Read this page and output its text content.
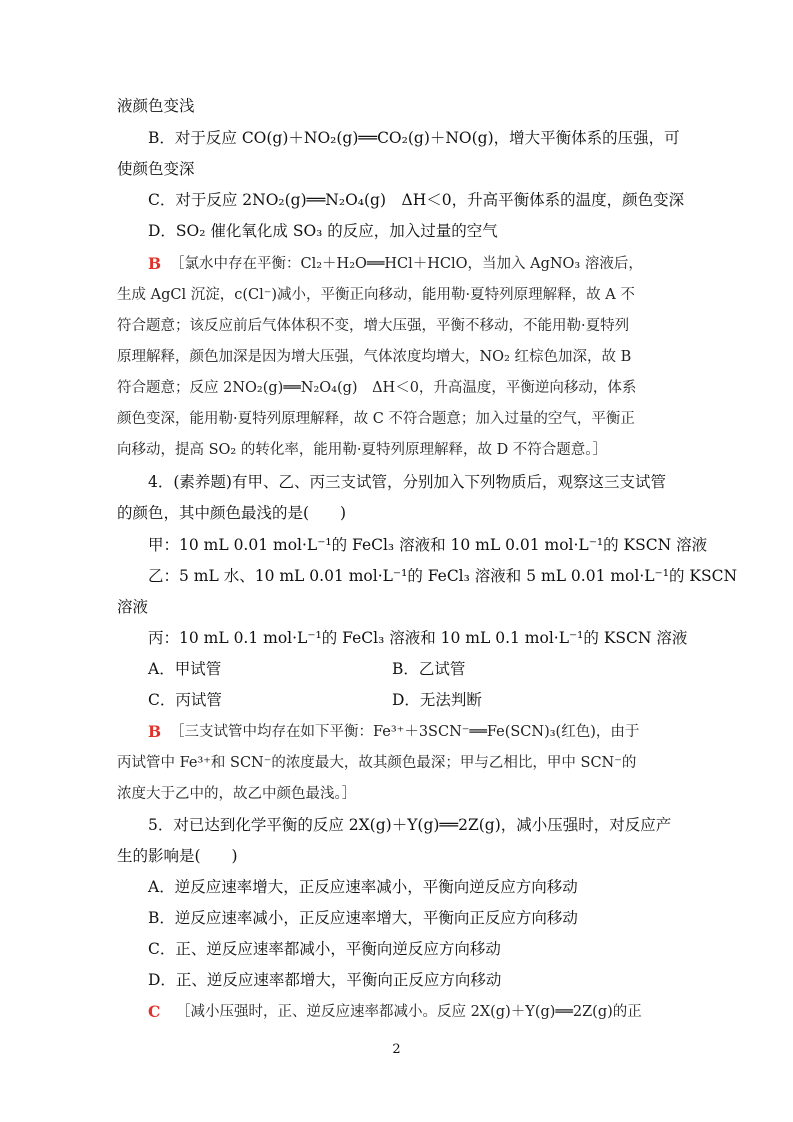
液颜色变浅
B．对于反应 CO(g)＋NO₂(g)══CO₂(g)＋NO(g)，增大平衡体系的压强，可
使颜色变深
C．对于反应 2NO₂(g)══N₂O₄(g)　ΔH＜0，升高平衡体系的温度，颜色变深
D．SO₂ 催化氧化成 SO₃ 的反应，加入过量的空气
B ［氯水中存在平衡：Cl₂＋H₂O══HCl＋HClO，当加入 AgNO₃ 溶液后，
生成 AgCl 沉淀，c(Cl⁻)减小，平衡正向移动，能用勒·夏特列原理解释，故 A 不
符合题意；该反应前后气体体积不变，增大压强，平衡不移动，不能用勒·夏特列
原理解释，颜色加深是因为增大压强，气体浓度均增大，NO₂ 红棕色加深，故 B
符合题意；反应 2NO₂(g)══N₂O₄(g)　ΔH＜0，升高温度，平衡逆向移动，体系
颜色变深，能用勒·夏特列原理解释，故 C 不符合题意；加入过量的空气，平衡正
向移动，提高 SO₂ 的转化率，能用勒·夏特列原理解释，故 D 不符合题意。］
4．(素养题)有甲、乙、丙三支试管，分别加入下列物质后，观察这三支试管
的颜色，其中颜色最浅的是(　　)
甲：10 mL 0.01 mol·L⁻¹的 FeCl₃ 溶液和 10 mL 0.01 mol·L⁻¹的 KSCN 溶液
乙：5 mL 水、10 mL 0.01 mol·L⁻¹的 FeCl₃ 溶液和 5 mL 0.01 mol·L⁻¹的 KSCN
溶液
丙：10 mL 0.1 mol·L⁻¹的 FeCl₃ 溶液和 10 mL 0.1 mol·L⁻¹的 KSCN 溶液
A．甲试管	B．乙试管
C．丙试管	D．无法判断
B ［三支试管中均存在如下平衡：Fe³⁺＋3SCN⁻══Fe(SCN)₃(红色)，由于
丙试管中 Fe³⁺和 SCN⁻的浓度最大，故其颜色最深；甲与乙相比，甲中 SCN⁻的
浓度大于乙中的，故乙中颜色最浅。］
5．对已达到化学平衡的反应 2X(g)＋Y(g)══2Z(g)，减小压强时，对反应产
生的影响是(　　)
A．逆反应速率增大，正反应速率减小，平衡向逆反应方向移动
B．逆反应速率减小，正反应速率增大，平衡向正反应方向移动
C．正、逆反应速率都减小，平衡向逆反应方向移动
D．正、逆反应速率都增大，平衡向正反应方向移动
C ［减小压强时，正、逆反应速率都减小。反应 2X(g)＋Y(g)══2Z(g)的正
2
